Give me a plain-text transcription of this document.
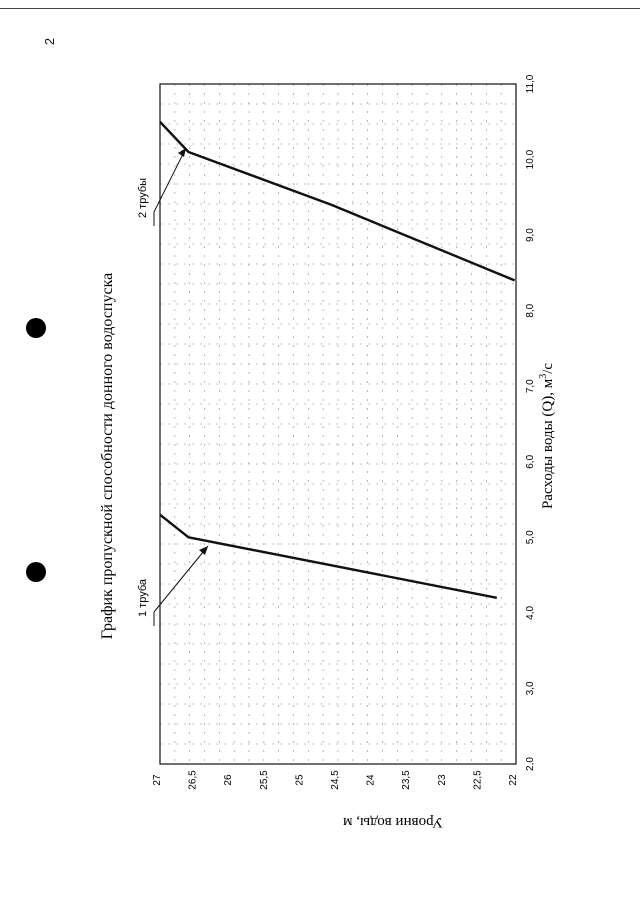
2
2,0
3,0
4,0
5,0
6,0
7,0
8,0
9,0
10,0
11,0
27 26,5 26 25,5 25 24,5 24 23,5 23 22,5 22
График пропускной способности донного водоспуска	Расходы воды (Q), $м^3/с$
Уровни воды, м
1 труба
2 трубы
